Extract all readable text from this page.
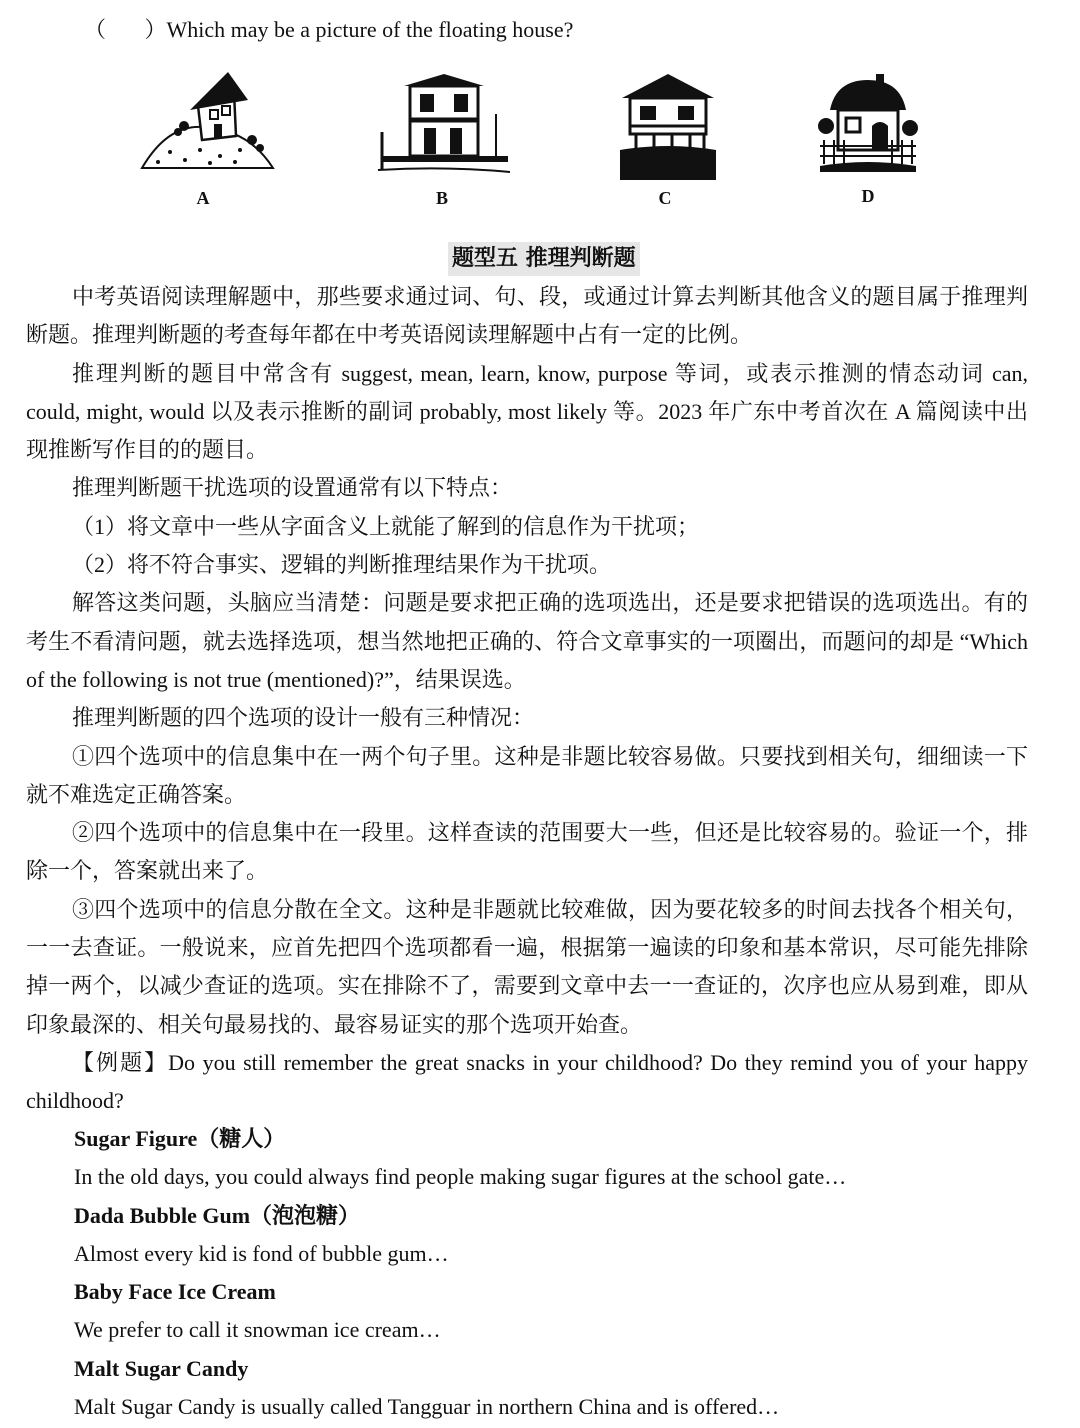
（       ）Which may be a picture of the floating house?
A	B	C	D
题型五 推理判断题

中考英语阅读理解题中，那些要求通过词、句、段，或通过计算去判断其他含义的题目属于推理判断题。推理判断题的考查每年都在中考英语阅读理解题中占有一定的比例。

推理判断的题目中常含有 suggest, mean, learn, know, purpose 等词，或表示推测的情态动词 can, could, might, would 以及表示推断的副词 probably, most likely 等。2023 年广东中考首次在 A 篇阅读中出现推断写作目的的题目。

推理判断题干扰选项的设置通常有以下特点：

（1）将文章中一些从字面含义上就能了解到的信息作为干扰项；

（2）将不符合事实、逻辑的判断推理结果作为干扰项。

解答这类问题，头脑应当清楚：问题是要求把正确的选项选出，还是要求把错误的选项选出。有的考生不看清问题，就去选择选项，想当然地把正确的、符合文章事实的一项圈出，而题问的却是 “Which of the following is not true (mentioned)?”，结果误选。

推理判断题的四个选项的设计一般有三种情况：

①四个选项中的信息集中在一两个句子里。这种是非题比较容易做。只要找到相关句，细细读一下就不难选定正确答案。

②四个选项中的信息集中在一段里。这样查读的范围要大一些，但还是比较容易的。验证一个，排除一个，答案就出来了。

③四个选项中的信息分散在全文。这种是非题就比较难做，因为要花较多的时间去找各个相关句，一一去查证。一般说来，应首先把四个选项都看一遍，根据第一遍读的印象和基本常识，尽可能先排除掉一两个，以减少查证的选项。实在排除不了，需要到文章中去一一查证的，次序也应从易到难，即从印象最深的、相关句最易找的、最容易证实的那个选项开始查。

【例题】Do you still remember the great snacks in your childhood? Do they remind you of your happy childhood?

Sugar Figure（糖人）
In the old days, you could always find people making sugar figures at the school gate…
Dada Bubble Gum（泡泡糖）
Almost every kid is fond of bubble gum…
Baby Face Ice Cream
We prefer to call it snowman ice cream…
Malt Sugar Candy
Malt Sugar Candy is usually called Tangguar in northern China and is offered…
